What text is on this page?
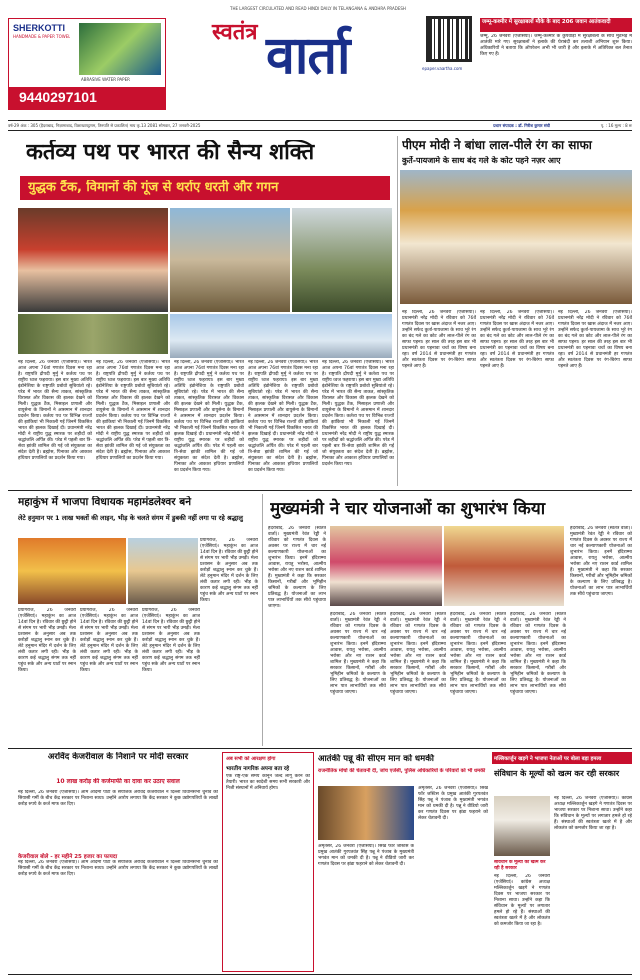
THE LARGEST CIRCULATED AND READ HINDI DAILY IN TELANGANA & ANDHRA PRADESH
स्वतंत्र वार्ता	epaper.vaartha.com
SHERKOTTI
HANDMADE & PAPER TOWEL
ABRASIVE WATER PAPER
9440297101
जम्मू-कश्मीर में सुरक्षाबलों मौके के बाद 206 जवान आतंकवादी
जम्मू, 26 जनवरी (एजेंसियां)। जम्मू-कश्मीर के कुपवाड़ा में सुरक्षाबलों के साथ मुठभेड़ में आतंकी मारे गए। सुरक्षाबलों ने इलाके की घेराबंदी कर तलाशी अभियान शुरू किया। अधिकारियों ने बताया कि ऑपरेशन अभी भी जारी है और इलाके में अतिरिक्त बल तैनात किए गए हैं।
वर्ष-29 अंक : 305 (हैदराबाद, निज़ामाबाद, विशाखापट्टणम, तिरुपति से प्रकाशित) माघ कृ.13 2081 सोमवार, 27 जनवरी-2025	प्रधान संपादक : डॉ. गिरीश कुमार संघी	पृ. : 16 मूल्य : 8 रू
कर्तव्य पथ पर भारत की सैन्य शक्ति
युद्धक टैंक, विमानों की गूंज से थर्राए धरती और गगन
नई दिल्ली, 26 जनवरी (एजेंसियां)। भारत आज अपना 76वां गणतंत्र दिवस मना रहा है। राष्ट्रपति द्रौपदी मुर्मु ने कर्तव्य पथ पर राष्ट्रीय ध्वज फहराया। इस बार मुख्य अतिथि इंडोनेशिया के राष्ट्रपति प्रबोवो सुबियांतो रहे। परेड में भारत की सैन्य ताकत, सांस्कृतिक विरासत और विकास की झलक देखने को मिली। युद्धक टैंक, मिसाइल प्रणाली और वायुसेना के विमानों ने आसमान में शानदार प्रदर्शन किया। कर्तव्य पथ पर विभिन्न राज्यों की झांकियां भी निकाली गईं जिनमें विकसित भारत की झलक दिखाई दी। प्रधानमंत्री नरेंद्र मोदी ने राष्ट्रीय युद्ध स्मारक पर शहीदों को श्रद्धांजलि अर्पित की। परेड में पहली बार त्रि-सेवा झांकी शामिल की गई जो संयुक्तता का संदेश देती है। ब्रह्मोस, पिनाका और आकाश हथियार प्रणालियों का प्रदर्शन किया गया।
नई दिल्ली, 26 जनवरी (एजेंसियां)। भारत आज अपना 76वां गणतंत्र दिवस मना रहा है। राष्ट्रपति द्रौपदी मुर्मु ने कर्तव्य पथ पर राष्ट्रीय ध्वज फहराया। इस बार मुख्य अतिथि इंडोनेशिया के राष्ट्रपति प्रबोवो सुबियांतो रहे। परेड में भारत की सैन्य ताकत, सांस्कृतिक विरासत और विकास की झलक देखने को मिली। युद्धक टैंक, मिसाइल प्रणाली और वायुसेना के विमानों ने आसमान में शानदार प्रदर्शन किया। कर्तव्य पथ पर विभिन्न राज्यों की झांकियां भी निकाली गईं जिनमें विकसित भारत की झलक दिखाई दी। प्रधानमंत्री नरेंद्र मोदी ने राष्ट्रीय युद्ध स्मारक पर शहीदों को श्रद्धांजलि अर्पित की। परेड में पहली बार त्रि-सेवा झांकी शामिल की गई जो संयुक्तता का संदेश देती है। ब्रह्मोस, पिनाका और आकाश हथियार प्रणालियों का प्रदर्शन किया गया।
नई दिल्ली, 26 जनवरी (एजेंसियां)। भारत आज अपना 76वां गणतंत्र दिवस मना रहा है। राष्ट्रपति द्रौपदी मुर्मु ने कर्तव्य पथ पर राष्ट्रीय ध्वज फहराया। इस बार मुख्य अतिथि इंडोनेशिया के राष्ट्रपति प्रबोवो सुबियांतो रहे। परेड में भारत की सैन्य ताकत, सांस्कृतिक विरासत और विकास की झलक देखने को मिली। युद्धक टैंक, मिसाइल प्रणाली और वायुसेना के विमानों ने आसमान में शानदार प्रदर्शन किया। कर्तव्य पथ पर विभिन्न राज्यों की झांकियां भी निकाली गईं जिनमें विकसित भारत की झलक दिखाई दी। प्रधानमंत्री नरेंद्र मोदी ने राष्ट्रीय युद्ध स्मारक पर शहीदों को श्रद्धांजलि अर्पित की। परेड में पहली बार त्रि-सेवा झांकी शामिल की गई जो संयुक्तता का संदेश देती है। ब्रह्मोस, पिनाका और आकाश हथियार प्रणालियों का प्रदर्शन किया गया।
नई दिल्ली, 26 जनवरी (एजेंसियां)। भारत आज अपना 76वां गणतंत्र दिवस मना रहा है। राष्ट्रपति द्रौपदी मुर्मु ने कर्तव्य पथ पर राष्ट्रीय ध्वज फहराया। इस बार मुख्य अतिथि इंडोनेशिया के राष्ट्रपति प्रबोवो सुबियांतो रहे। परेड में भारत की सैन्य ताकत, सांस्कृतिक विरासत और विकास की झलक देखने को मिली। युद्धक टैंक, मिसाइल प्रणाली और वायुसेना के विमानों ने आसमान में शानदार प्रदर्शन किया। कर्तव्य पथ पर विभिन्न राज्यों की झांकियां भी निकाली गईं जिनमें विकसित भारत की झलक दिखाई दी। प्रधानमंत्री नरेंद्र मोदी ने राष्ट्रीय युद्ध स्मारक पर शहीदों को श्रद्धांजलि अर्पित की। परेड में पहली बार त्रि-सेवा झांकी शामिल की गई जो संयुक्तता का संदेश देती है। ब्रह्मोस, पिनाका और आकाश हथियार प्रणालियों का प्रदर्शन किया गया।
नई दिल्ली, 26 जनवरी (एजेंसियां)। भारत आज अपना 76वां गणतंत्र दिवस मना रहा है। राष्ट्रपति द्रौपदी मुर्मु ने कर्तव्य पथ पर राष्ट्रीय ध्वज फहराया। इस बार मुख्य अतिथि इंडोनेशिया के राष्ट्रपति प्रबोवो सुबियांतो रहे। परेड में भारत की सैन्य ताकत, सांस्कृतिक विरासत और विकास की झलक देखने को मिली। युद्धक टैंक, मिसाइल प्रणाली और वायुसेना के विमानों ने आसमान में शानदार प्रदर्शन किया। कर्तव्य पथ पर विभिन्न राज्यों की झांकियां भी निकाली गईं जिनमें विकसित भारत की झलक दिखाई दी। प्रधानमंत्री नरेंद्र मोदी ने राष्ट्रीय युद्ध स्मारक पर शहीदों को श्रद्धांजलि अर्पित की। परेड में पहली बार त्रि-सेवा झांकी शामिल की गई जो संयुक्तता का संदेश देती है। ब्रह्मोस, पिनाका और आकाश हथियार प्रणालियों का प्रदर्शन किया गया।
पीएम मोदी ने बांधा लाल-पीले रंग का साफा
कुर्ते-पायजामे के साथ बंद गले के कोट पहने नज़र आए
नई दिल्ली, 26 जनवरी (एजेंसियां)। प्रधानमंत्री नरेंद्र मोदी ने रविवार को 76वें गणतंत्र दिवस पर खास अंदाज में नजर आए। उन्होंने सफेद कुर्ता-पायजामा के साथ भूरे रंग का बंद गले का कोट और लाल-पीले रंग का साफा पहना। हर साल की तरह इस बार भी प्रधानमंत्री का पहनावा चर्चा का विषय बना रहा। वर्ष 2014 से प्रधानमंत्री हर गणतंत्र और स्वतंत्रता दिवस पर रंग-बिरंगा साफा पहनते आए हैं।
नई दिल्ली, 26 जनवरी (एजेंसियां)। प्रधानमंत्री नरेंद्र मोदी ने रविवार को 76वें गणतंत्र दिवस पर खास अंदाज में नजर आए। उन्होंने सफेद कुर्ता-पायजामा के साथ भूरे रंग का बंद गले का कोट और लाल-पीले रंग का साफा पहना। हर साल की तरह इस बार भी प्रधानमंत्री का पहनावा चर्चा का विषय बना रहा। वर्ष 2014 से प्रधानमंत्री हर गणतंत्र और स्वतंत्रता दिवस पर रंग-बिरंगा साफा पहनते आए हैं।
नई दिल्ली, 26 जनवरी (एजेंसियां)। प्रधानमंत्री नरेंद्र मोदी ने रविवार को 76वें गणतंत्र दिवस पर खास अंदाज में नजर आए। उन्होंने सफेद कुर्ता-पायजामा के साथ भूरे रंग का बंद गले का कोट और लाल-पीले रंग का साफा पहना। हर साल की तरह इस बार भी प्रधानमंत्री का पहनावा चर्चा का विषय बना रहा। वर्ष 2014 से प्रधानमंत्री हर गणतंत्र और स्वतंत्रता दिवस पर रंग-बिरंगा साफा पहनते आए हैं।
महाकुंभ में भाजपा विधायक महामंडलेश्वर बने
लेटे हनुमान पर 1 लाख भक्तों की लाइन, भीड़ के चलते संगम में डुबकी नहीं लगा पा रहे श्रद्धालु
प्रयागराज, 26 जनवरी (एजेंसियां)। महाकुंभ का आज 14वां दिन है। रविवार की छुट्टी होने से संगम पर भारी भीड़ उमड़ी। मेला प्रशासन के अनुसार अब तक करोड़ों श्रद्धालु स्नान कर चुके हैं। लेटे हनुमान मंदिर में दर्शन के लिए लंबी कतार लगी रही। भीड़ के कारण कई श्रद्धालु संगम तक नहीं पहुंच सके और अन्य घाटों पर स्नान किया।
प्रयागराज, 26 जनवरी (एजेंसियां)। महाकुंभ का आज 14वां दिन है। रविवार की छुट्टी होने से संगम पर भारी भीड़ उमड़ी। मेला प्रशासन के अनुसार अब तक करोड़ों श्रद्धालु स्नान कर चुके हैं। लेटे हनुमान मंदिर में दर्शन के लिए लंबी कतार लगी रही। भीड़ के कारण कई श्रद्धालु संगम तक नहीं पहुंच सके और अन्य घाटों पर स्नान किया।
प्रयागराज, 26 जनवरी (एजेंसियां)। महाकुंभ का आज 14वां दिन है। रविवार की छुट्टी होने से संगम पर भारी भीड़ उमड़ी। मेला प्रशासन के अनुसार अब तक करोड़ों श्रद्धालु स्नान कर चुके हैं। लेटे हनुमान मंदिर में दर्शन के लिए लंबी कतार लगी रही। भीड़ के कारण कई श्रद्धालु संगम तक नहीं पहुंच सके और अन्य घाटों पर स्नान किया।
प्रयागराज, 26 जनवरी (एजेंसियां)। महाकुंभ का आज 14वां दिन है। रविवार की छुट्टी होने से संगम पर भारी भीड़ उमड़ी। मेला प्रशासन के अनुसार अब तक करोड़ों श्रद्धालु स्नान कर चुके हैं। लेटे हनुमान मंदिर में दर्शन के लिए लंबी कतार लगी रही। भीड़ के कारण कई श्रद्धालु संगम तक नहीं पहुंच सके और अन्य घाटों पर स्नान किया।
मुख्यमंत्री ने चार योजनाओं का शुभारंभ किया
हैदराबाद, 26 जनवरी (स्वतंत्र वार्ता)। मुख्यमंत्री रेवंत रेड्डी ने रविवार को गणतंत्र दिवस के अवसर पर राज्य में चार नई कल्याणकारी योजनाओं का शुभारंभ किया। इनमें इंदिराम्मा आवास, रायतु भरोसा, आत्मीय भरोसा और नए राशन कार्ड शामिल हैं। मुख्यमंत्री ने कहा कि सरकार किसानों, गरीबों और भूमिहीन श्रमिकों के कल्याण के लिए प्रतिबद्ध है। योजनाओं का लाभ पात्र लाभार्थियों तक सीधे पहुंचाया जाएगा।
हैदराबाद, 26 जनवरी (स्वतंत्र वार्ता)। मुख्यमंत्री रेवंत रेड्डी ने रविवार को गणतंत्र दिवस के अवसर पर राज्य में चार नई कल्याणकारी योजनाओं का शुभारंभ किया। इनमें इंदिराम्मा आवास, रायतु भरोसा, आत्मीय भरोसा और नए राशन कार्ड शामिल हैं। मुख्यमंत्री ने कहा कि सरकार किसानों, गरीबों और भूमिहीन श्रमिकों के कल्याण के लिए प्रतिबद्ध है। योजनाओं का लाभ पात्र लाभार्थियों तक सीधे पहुंचाया जाएगा।
हैदराबाद, 26 जनवरी (स्वतंत्र वार्ता)। मुख्यमंत्री रेवंत रेड्डी ने रविवार को गणतंत्र दिवस के अवसर पर राज्य में चार नई कल्याणकारी योजनाओं का शुभारंभ किया। इनमें इंदिराम्मा आवास, रायतु भरोसा, आत्मीय भरोसा और नए राशन कार्ड शामिल हैं। मुख्यमंत्री ने कहा कि सरकार किसानों, गरीबों और भूमिहीन श्रमिकों के कल्याण के लिए प्रतिबद्ध है। योजनाओं का लाभ पात्र लाभार्थियों तक सीधे पहुंचाया जाएगा।
हैदराबाद, 26 जनवरी (स्वतंत्र वार्ता)। मुख्यमंत्री रेवंत रेड्डी ने रविवार को गणतंत्र दिवस के अवसर पर राज्य में चार नई कल्याणकारी योजनाओं का शुभारंभ किया। इनमें इंदिराम्मा आवास, रायतु भरोसा, आत्मीय भरोसा और नए राशन कार्ड शामिल हैं। मुख्यमंत्री ने कहा कि सरकार किसानों, गरीबों और भूमिहीन श्रमिकों के कल्याण के लिए प्रतिबद्ध है। योजनाओं का लाभ पात्र लाभार्थियों तक सीधे पहुंचाया जाएगा।
हैदराबाद, 26 जनवरी (स्वतंत्र वार्ता)। मुख्यमंत्री रेवंत रेड्डी ने रविवार को गणतंत्र दिवस के अवसर पर राज्य में चार नई कल्याणकारी योजनाओं का शुभारंभ किया। इनमें इंदिराम्मा आवास, रायतु भरोसा, आत्मीय भरोसा और नए राशन कार्ड शामिल हैं। मुख्यमंत्री ने कहा कि सरकार किसानों, गरीबों और भूमिहीन श्रमिकों के कल्याण के लिए प्रतिबद्ध है। योजनाओं का लाभ पात्र लाभार्थियों तक सीधे पहुंचाया जाएगा।
हैदराबाद, 26 जनवरी (स्वतंत्र वार्ता)। मुख्यमंत्री रेवंत रेड्डी ने रविवार को गणतंत्र दिवस के अवसर पर राज्य में चार नई कल्याणकारी योजनाओं का शुभारंभ किया। इनमें इंदिराम्मा आवास, रायतु भरोसा, आत्मीय भरोसा और नए राशन कार्ड शामिल हैं। मुख्यमंत्री ने कहा कि सरकार किसानों, गरीबों और भूमिहीन श्रमिकों के कल्याण के लिए प्रतिबद्ध है। योजनाओं का लाभ पात्र लाभार्थियों तक सीधे पहुंचाया जाएगा।
अरविंद केजरीवाल के निशाने पर मोदी सरकार
10 लाख करोड़ की कर्जमाफी का दावा कर उठाए सवाल
नई दिल्ली, 26 जनवरी (एजेंसियां)। आम आदमी पार्टी के संयोजक अरविंद केजरीवाल ने दिल्ली विधानसभा चुनाव की सियासी गर्मी के बीच केंद्र सरकार पर निशाना साधा। उन्होंने आरोप लगाया कि केंद्र सरकार ने कुछ उद्योगपतियों के लाखों करोड़ रुपये के कर्ज माफ कर दिए।
केजरीवाल बोले - हर महीने 25 हजार का फायदा
नई दिल्ली, 26 जनवरी (एजेंसियां)। आम आदमी पार्टी के संयोजक अरविंद केजरीवाल ने दिल्ली विधानसभा चुनाव की सियासी गर्मी के बीच केंद्र सरकार पर निशाना साधा। उन्होंने आरोप लगाया कि केंद्र सरकार ने कुछ उद्योगपतियों के लाखों करोड़ रुपये के कर्ज माफ कर दिए।
अब सभी को आरक्षण होगा
भारतीय नागरिक अपना बता रहे
एक राष्ट्र-एक समय कानून जल्द लागू करने की तैयारी। भारत का स्वदेशी समय सभी सरकारी और निजी संस्थानों में अनिवार्य होगा।
आतंकी पन्नू की सीएम मान को धमकी
राजनीतिक मोर्चा की चेतावनी दी, जांच एजेंसी, पुलिस अधिकारियों के परिवारों को भी धमकी
अमृतसर, 26 जनवरी (एजेंसियां)। सिख फॉर जस्टिस के प्रमुख आतंकी गुरपतवंत सिंह पन्नू ने पंजाब के मुख्यमंत्री भगवंत मान को धमकी दी है। पन्नू ने वीडियो जारी कर गणतंत्र दिवस पर झंडा फहराने को लेकर चेतावनी दी।
अमृतसर, 26 जनवरी (एजेंसियां)। सिख फॉर जस्टिस के प्रमुख आतंकी गुरपतवंत सिंह पन्नू ने पंजाब के मुख्यमंत्री भगवंत मान को धमकी दी है। पन्नू ने वीडियो जारी कर गणतंत्र दिवस पर झंडा फहराने को लेकर चेतावनी दी।
मल्लिकार्जुन खड़गे ने भाजपा नेताओं पर बोला बड़ा हमला
संविधान के मूल्यों को खत्म कर रही सरकार
नई दिल्ली, 26 जनवरी (एजेंसियां)। कांग्रेस अध्यक्ष मल्लिकार्जुन खड़गे ने गणतंत्र दिवस पर भाजपा सरकार पर निशाना साधा। उन्होंने कहा कि संविधान के मूल्यों पर लगातार हमले हो रहे हैं। संस्थाओं की स्वतंत्रता खतरे में है और लोकतंत्र को कमजोर किया जा रहा है।
संविधान के मूल्यों को खत्म कर रही है सरकार
नई दिल्ली, 26 जनवरी (एजेंसियां)। कांग्रेस अध्यक्ष मल्लिकार्जुन खड़गे ने गणतंत्र दिवस पर भाजपा सरकार पर निशाना साधा। उन्होंने कहा कि संविधान के मूल्यों पर लगातार हमले हो रहे हैं। संस्थाओं की स्वतंत्रता खतरे में है और लोकतंत्र को कमजोर किया जा रहा है।
